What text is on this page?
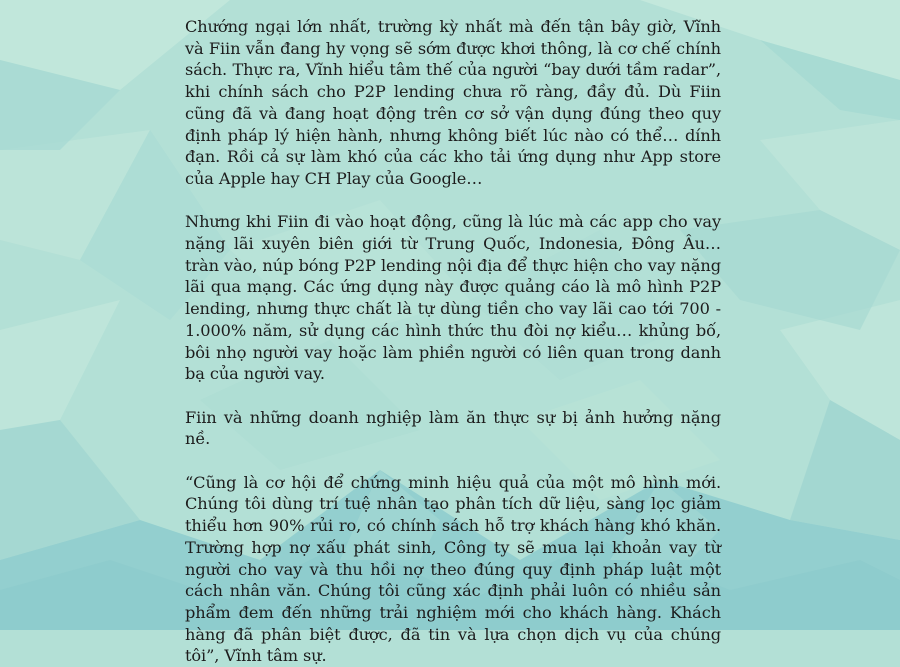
Chướng ngại lớn nhất, trường kỳ nhất mà đến tận bây giờ, Vĩnh và Fiin vẫn đang hy vọng sẽ sớm được khơi thông, là cơ chế chính sách. Thực ra, Vĩnh hiểu tâm thế của người “bay dưới tầm radar”, khi chính sách cho P2P lending chưa rõ ràng, đầy đủ. Dù Fiin cũng đã và đang hoạt động trên cơ sở vận dụng đúng theo quy định pháp lý hiện hành, nhưng không biết lúc nào có thể… dính đạn. Rồi cả sự làm khó của các kho tải ứng dụng như App store của Apple hay CH Play của Google…

Nhưng khi Fiin đi vào hoạt động, cũng là lúc mà các app cho vay nặng lãi xuyên biên giới từ Trung Quốc, Indonesia, Đông Âu… tràn vào, núp bóng P2P lending nội địa để thực hiện cho vay nặng lãi qua mạng. Các ứng dụng này được quảng cáo là mô hình P2P lending, nhưng thực chất là tự dùng tiền cho vay lãi cao tới 700 - 1.000% năm, sử dụng các hình thức thu đòi nợ kiểu… khủng bố, bôi nhọ người vay hoặc làm phiền người có liên quan trong danh bạ của người vay.

Fiin và những doanh nghiệp làm ăn thực sự bị ảnh hưởng nặng nề.

“Cũng là cơ hội để chứng minh hiệu quả của một mô hình mới. Chúng tôi dùng trí tuệ nhân tạo phân tích dữ liệu, sàng lọc giảm thiểu hơn 90% rủi ro, có chính sách hỗ trợ khách hàng khó khăn. Trường hợp nợ xấu phát sinh, Công ty sẽ mua lại khoản vay từ người cho vay và thu hồi nợ theo đúng quy định pháp luật một cách nhân văn. Chúng tôi cũng xác định phải luôn có nhiều sản phẩm đem đến những trải nghiệm mới cho khách hàng. Khách hàng đã phân biệt được, đã tin và lựa chọn dịch vụ của chúng tôi”, Vĩnh tâm sự.
